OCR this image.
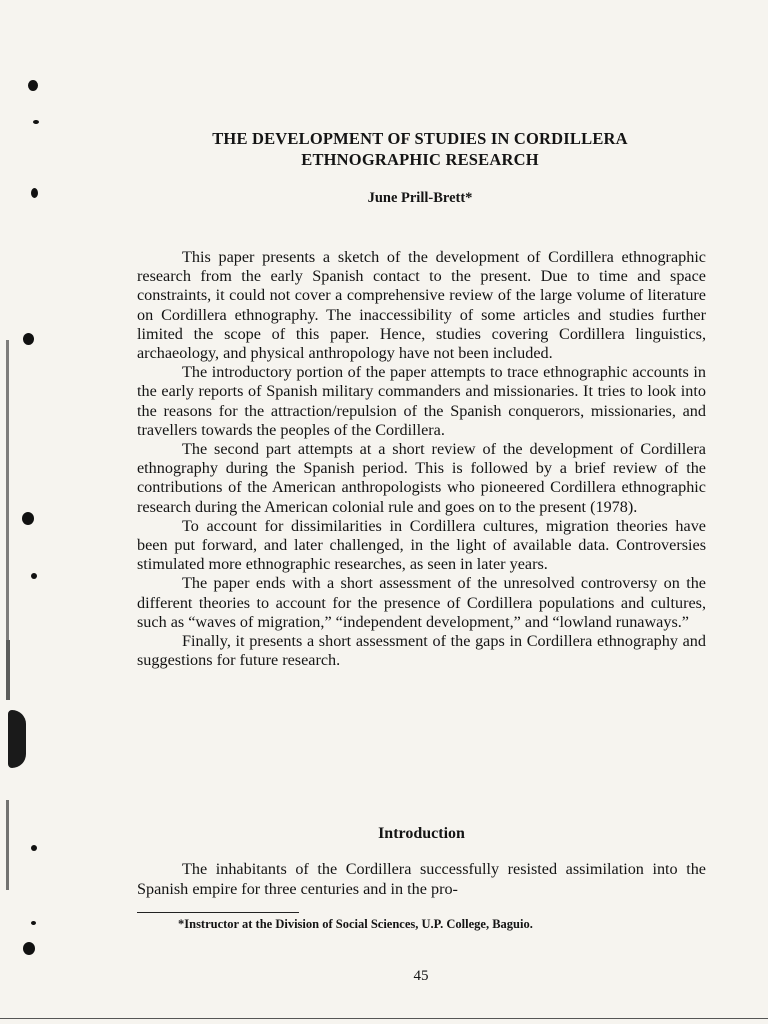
THE DEVELOPMENT OF STUDIES IN CORDILLERA
ETHNOGRAPHIC RESEARCH
June Prill-Brett*

This paper presents a sketch of the development of Cordillera ethnographic research from the early Spanish contact to the present. Due to time and space constraints, it could not cover a comprehensive review of the large volume of literature on Cordillera ethnography. The inaccessibility of some articles and studies further limited the scope of this paper. Hence, studies covering Cordillera linguistics, archaeology, and physical anthropology have not been included.

The introductory portion of the paper attempts to trace ethnographic accounts in the early reports of Spanish military commanders and missionaries. It tries to look into the reasons for the attraction/repulsion of the Spanish conquerors, missionaries, and travellers towards the peoples of the Cordillera.

The second part attempts at a short review of the development of Cordillera ethnography during the Spanish period. This is followed by a brief review of the contributions of the American anthropologists who pioneered Cordillera ethnographic research during the American colonial rule and goes on to the present (1978).

To account for dissimilarities in Cordillera cultures, migration theories have been put forward, and later challenged, in the light of available data. Controversies stimulated more ethnographic researches, as seen in later years.

The paper ends with a short assessment of the unresolved controversy on the different theories to account for the presence of Cordillera populations and cultures, such as “waves of migration,” “independent development,” and “lowland runaways.”

Finally, it presents a short assessment of the gaps in Cordillera ethnography and suggestions for future research.

Introduction

The inhabitants of the Cordillera successfully resisted assimilation into the Spanish empire for three centuries and in the pro-

*Instructor at the Division of Social Sciences, U.P. College, Baguio.
45
